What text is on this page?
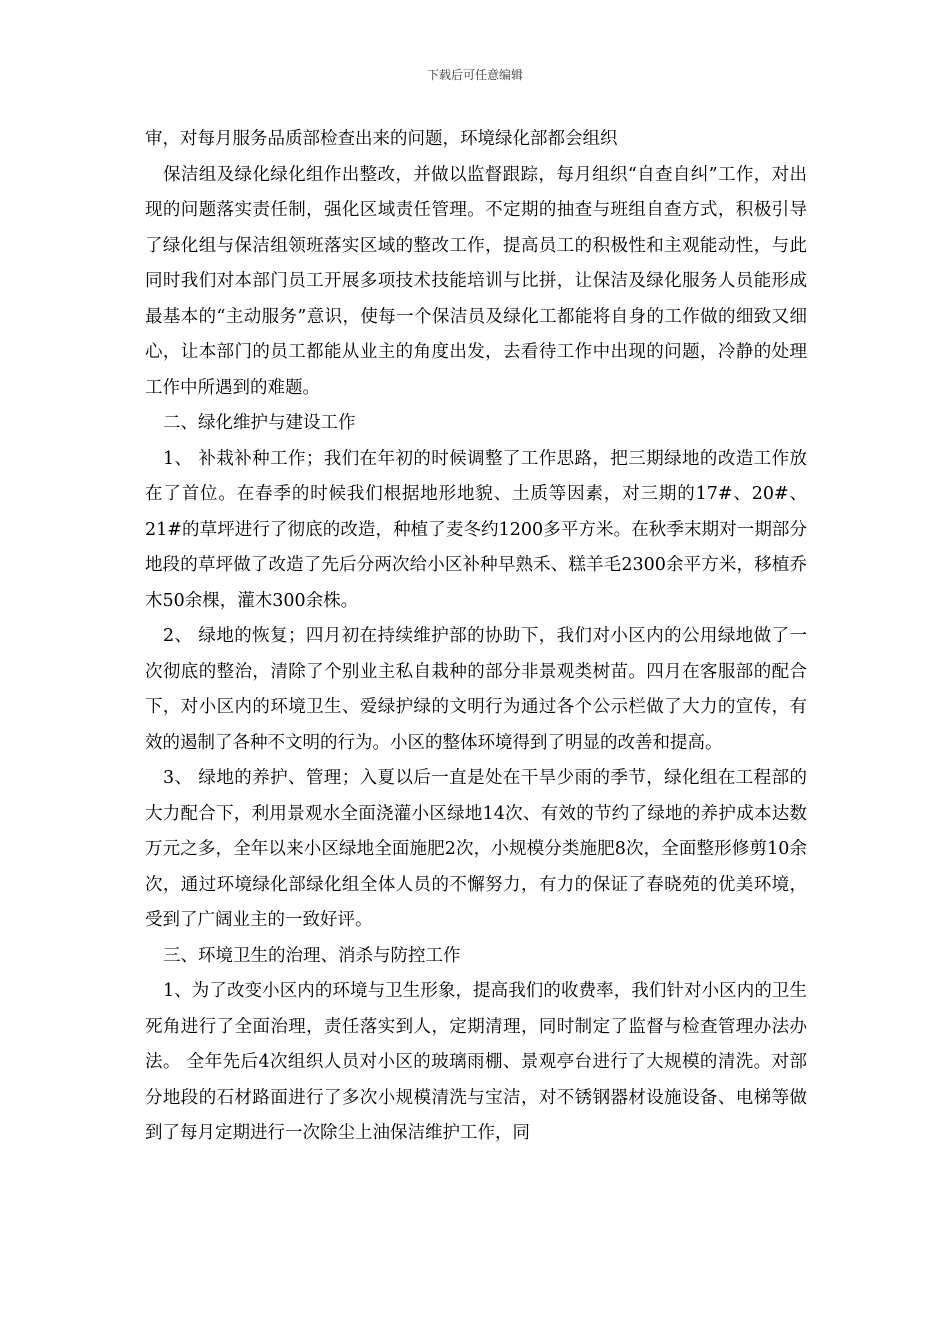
下载后可任意编辑

审，对每月服务品质部检查出来的问题，环境绿化部都会组织

保洁组及绿化绿化组作出整改，并做以监督跟踪，每月组织“自查自纠”工作，对出现的问题落实责任制，强化区域责任管理。不定期的抽查与班组自查方式，积极引导了绿化组与保洁组领班落实区域的整改工作，提高员工的积极性和主观能动性，与此同时我们对本部门员工开展多项技术技能培训与比拼，让保洁及绿化服务人员能形成最基本的“主动服务”意识，使每一个保洁员及绿化工都能将自身的工作做的细致又细心，让本部门的员工都能从业主的角度出发，去看待工作中出现的问题，冷静的处理工作中所遇到的难题。

二、绿化维护与建设工作

1、 补栽补种工作；我们在年初的时候调整了工作思路，把三期绿地的改造工作放在了首位。在春季的时候我们根据地形地貌、土质等因素，对三期的17#、20#、21#的草坪进行了彻底的改造，种植了麦冬约1200多平方米。在秋季末期对一期部分地段的草坪做了改造了先后分两次给小区补种早熟禾、糕羊毛2300余平方米，移植乔木50余棵，灌木300余株。

2、 绿地的恢复；四月初在持续维护部的协助下，我们对小区内的公用绿地做了一次彻底的整治，清除了个别业主私自栽种的部分非景观类树苗。四月在客服部的配合下，对小区内的环境卫生、爱绿护绿的文明行为通过各个公示栏做了大力的宣传，有效的遏制了各种不文明的行为。小区的整体环境得到了明显的改善和提高。

3、 绿地的养护、管理；入夏以后一直是处在干旱少雨的季节，绿化组在工程部的大力配合下，利用景观水全面浇灌小区绿地14次、有效的节约了绿地的养护成本达数万元之多，全年以来小区绿地全面施肥2次，小规模分类施肥8次，全面整形修剪10余次，通过环境绿化部绿化组全体人员的不懈努力，有力的保证了春晓苑的优美环境，受到了广阔业主的一致好评。

三、环境卫生的治理、消杀与防控工作

1、为了改变小区内的环境与卫生形象，提高我们的收费率，我们针对小区内的卫生死角进行了全面治理，责任落实到人，定期清理，同时制定了监督与检查管理办法办法。 全年先后4次组织人员对小区的玻璃雨棚、景观亭台进行了大规模的清洗。对部分地段的石材路面进行了多次小规模清洗与宝洁，对不锈钢器材设施设备、电梯等做到了每月定期进行一次除尘上油保洁维护工作，同
